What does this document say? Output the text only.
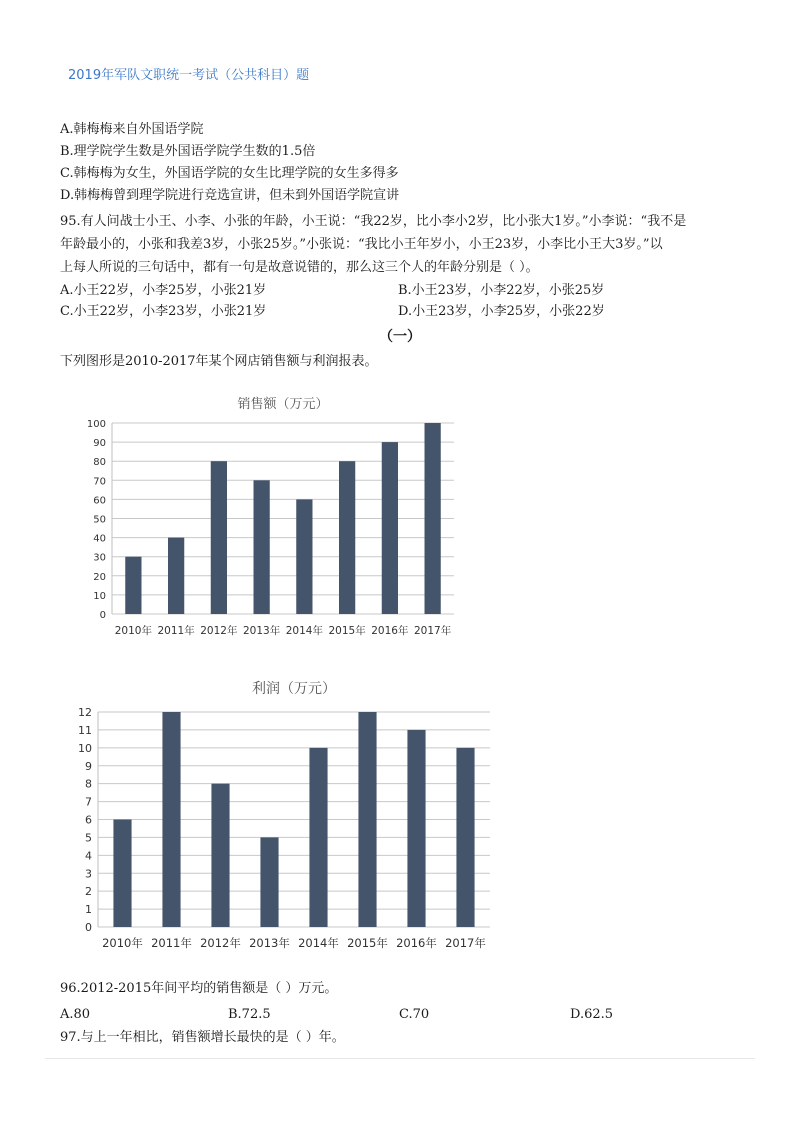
2019年军队文职统一考试（公共科目）题
A.韩梅梅来自外国语学院
B.理学院学生数是外国语学院学生数的1.5倍
C.韩梅梅为女生，外国语学院的女生比理学院的女生多得多
D.韩梅梅曾到理学院进行竞选宣讲，但未到外国语学院宣讲
95.有人问战士小王、小李、小张的年龄，小王说：“我22岁，比小李小2岁，比小张大1岁。”小李说：“我不是
年龄最小的，小张和我差3岁，小张25岁。”小张说：“我比小王年岁小，小王23岁，小李比小王大3岁。”以
上每人所说的三句话中，都有一句是故意说错的，那么这三个人的年龄分别是（ ）。
A.小王22岁，小李25岁，小张21岁	B.小王23岁，小李22岁，小张25岁
C.小王22岁，小李23岁，小张21岁	D.小王23岁，小李25岁，小张22岁
（一）
下列图形是2010-2017年某个网店销售额与利润报表。
销售额（万元）
0
10
20
30
40
50
60
70
80
90
100
2010年 2011年 2012年 2013年 2014年 2015年 2016年 2017年
利润（万元）
0
1
2
3
4
5
6
7
8
9
10
11
12
2010年 2011年 2012年 2013年 2014年 2015年 2016年 2017年
96.2012-2015年间平均的销售额是（ ）万元。
A.80	B.72.5	C.70	D.62.5
97.与上一年相比，销售额增长最快的是（ ）年。
